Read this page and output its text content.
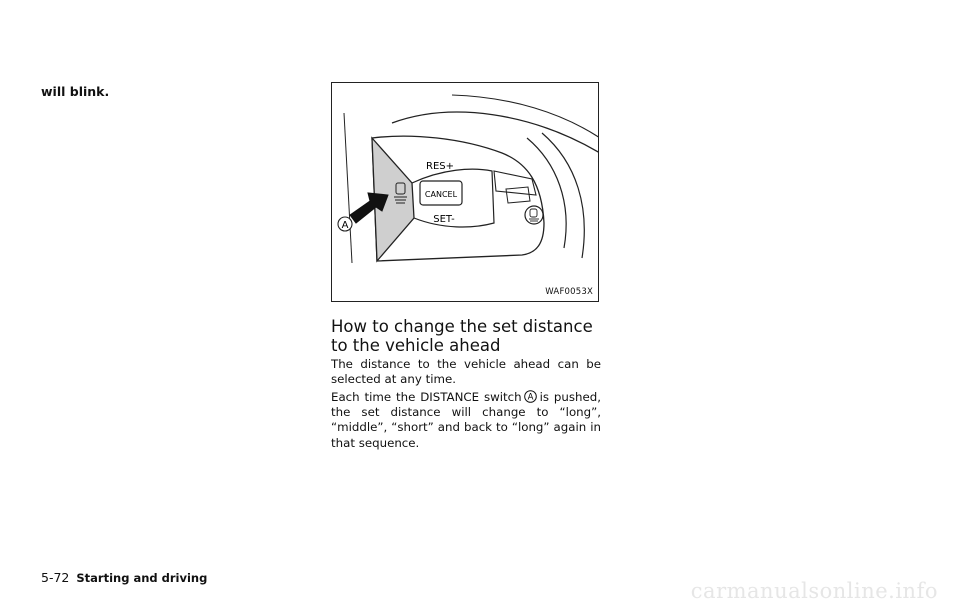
will blink.
CANCEL
RES+
SET-
A
WAF0053X
How to change the set distance to the vehicle ahead

The distance to the vehicle ahead can be selected at any time.

Each time the DISTANCE switch A is pushed, the set distance will change to “long”, “middle”, “short” and back to “long” again in that sequence.

5-72 Starting and driving
carmanualsonline.info
